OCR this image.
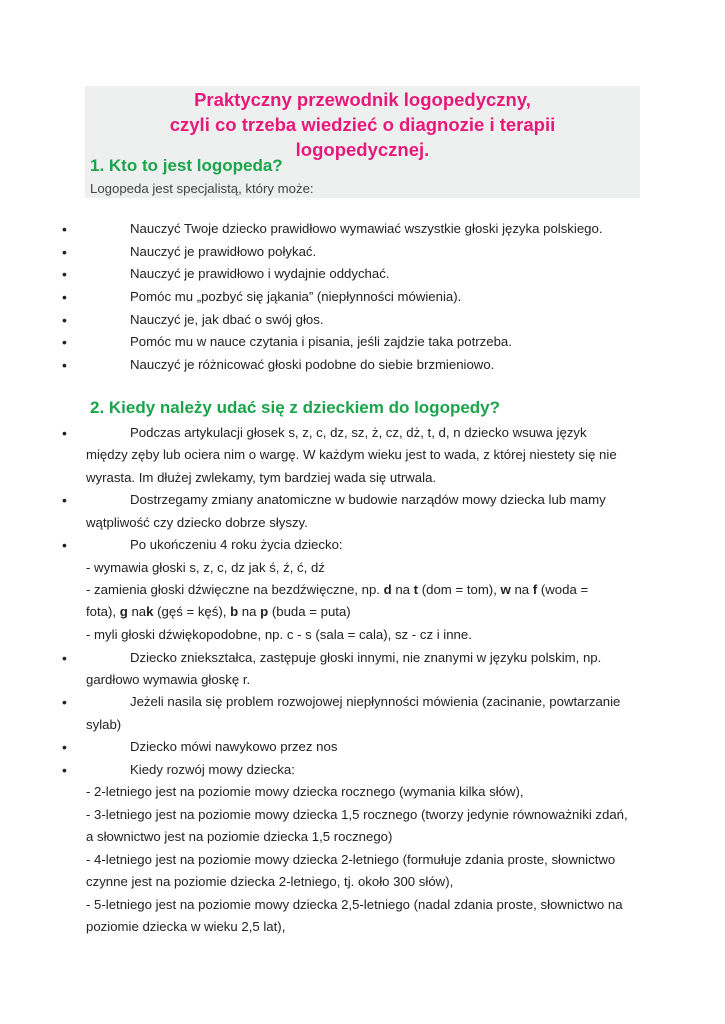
Praktyczny przewodnik logopedyczny,
czyli co trzeba wiedzieć o diagnozie i terapii
logopedycznej.
1. Kto to jest logopeda?
Logopeda jest specjalistą, który może:
•	Nauczyć Twoje dziecko prawidłowo wymawiać wszystkie głoski języka polskiego.
•	Nauczyć je prawidłowo połykać.
•	Nauczyć je prawidłowo i wydajnie oddychać.
•	Pomóc mu „pozbyć się jąkania” (niepłynności mówienia).
•	Nauczyć je, jak dbać o swój głos.
•	Pomóc mu w nauce czytania i pisania, jeśli zajdzie taka potrzeba.
•	Nauczyć je różnicować głoski podobne do siebie brzmieniowo.
2. Kiedy należy udać się z dzieckiem do logopedy?
•	Podczas artykulacji głosek s, z, c, dz, sz, ż, cz, dż, t, d, n dziecko wsuwa język
między zęby lub ociera nim o wargę. W każdym wieku jest to wada, z której niestety się nie
wyrasta. Im dłużej zwlekamy, tym bardziej wada się utrwala.
•	Dostrzegamy zmiany anatomiczne w budowie narządów mowy dziecka lub mamy
wątpliwość czy dziecko dobrze słyszy.
•	Po ukończeniu 4 roku życia dziecko:
- wymawia głoski s, z, c, dz jak ś, ź, ć, dź
- zamienia głoski dźwięczne na bezdźwięczne, np. d na t (dom = tom), w na f (woda =
fota), g nak (gęś = kęś), b na p (buda = puta)
- myli głoski dźwiękopodobne, np. c - s (sala = cala), sz - cz i inne.
•	Dziecko zniekształca, zastępuje głoski innymi, nie znanymi w języku polskim, np.
gardłowo wymawia głoskę r.
•	Jeżeli nasila się problem rozwojowej niepłynności mówienia (zacinanie, powtarzanie
sylab)
•	Dziecko mówi nawykowo przez nos
•	Kiedy rozwój mowy dziecka:
- 2-letniego jest na poziomie mowy dziecka rocznego (wymania kilka słów),
- 3-letniego jest na poziomie mowy dziecka 1,5 rocznego (tworzy jedynie równoważniki zdań,
a słownictwo jest na poziomie dziecka 1,5 rocznego)
- 4-letniego jest na poziomie mowy dziecka 2-letniego (formułuje zdania proste, słownictwo
czynne jest na poziomie dziecka 2-letniego, tj. około 300 słów),
- 5-letniego jest na poziomie mowy dziecka 2,5-letniego (nadal zdania proste, słownictwo na
poziomie dziecka w wieku 2,5 lat),
